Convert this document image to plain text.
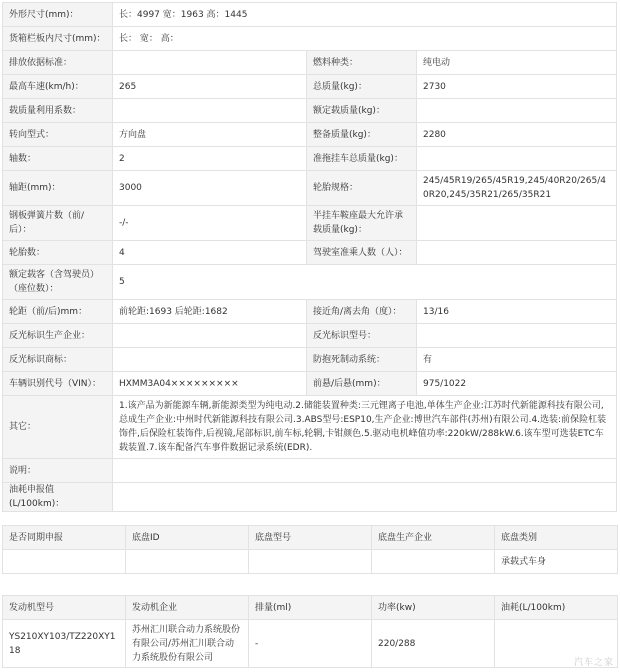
外形尺寸(mm)：	长：4997 宽：1963 高：1445		
货箱栏板内尺寸(mm)：	长： 宽： 高：		
排放依据标准：		燃料种类：	纯电动
最高车速(km/h)：	265	总质量(kg)：	2730
载质量利用系数：		额定载质量(kg)：	
转向型式：	方向盘	整备质量(kg)：	2280
轴数：	2	准拖挂车总质量(kg)：	
轴距(mm)：	3000	轮胎规格：	245/45R19/265/45R19,245/40R20/265/40R20,245/35R21/265/35R21
钢板弹簧片数（前/后）：	-/-	半挂车鞍座最大允许承载质量(kg)：	
轮胎数：	4	驾驶室准乘人数（人）：	
额定载客（含驾驶员）（座位数）：	5		
轮距（前/后)mm：	前轮距:1693 后轮距:1682	接近角/离去角（度）：	13/16
反光标识生产企业：		反光标识型号：	
反光标识商标：		防抱死制动系统：	有
车辆识别代号（VIN）：	HXMM3A04×××××××××	前悬/后悬(mm)：	975/1022
其它：	1.该产品为新能源车辆,新能源类型为纯电动.2.储能装置种类:三元锂离子电池,单体生产企业:江苏时代新能源科技有限公司,总成生产企业:中州时代新能源科技有限公司.3.ABS型号:ESP10,生产企业:博世汽车部件(苏州)有限公司.4.选装:前保险杠装饰件,后保险杠装饰件,后视镜,尾部标识,前车标,轮辋,卡钳颜色.5.驱动电机峰值功率:220kW/288kW.6.该车型可选装ETC车载装置.7.该车配备汽车事件数据记录系统(EDR).		
说明：			
油耗申报值(L/100km)：			
是否同期申报	底盘ID	底盘型号	底盘生产企业	底盘类别
				承载式车身
发动机型号	发动机企业	排量(ml)	功率(kw)	油耗(L/100km)
YS210XY103/TZ220XY118	苏州汇川联合动力系统股份有限公司/苏州汇川联合动力系统股份有限公司	-	220/288	
汽车之家
